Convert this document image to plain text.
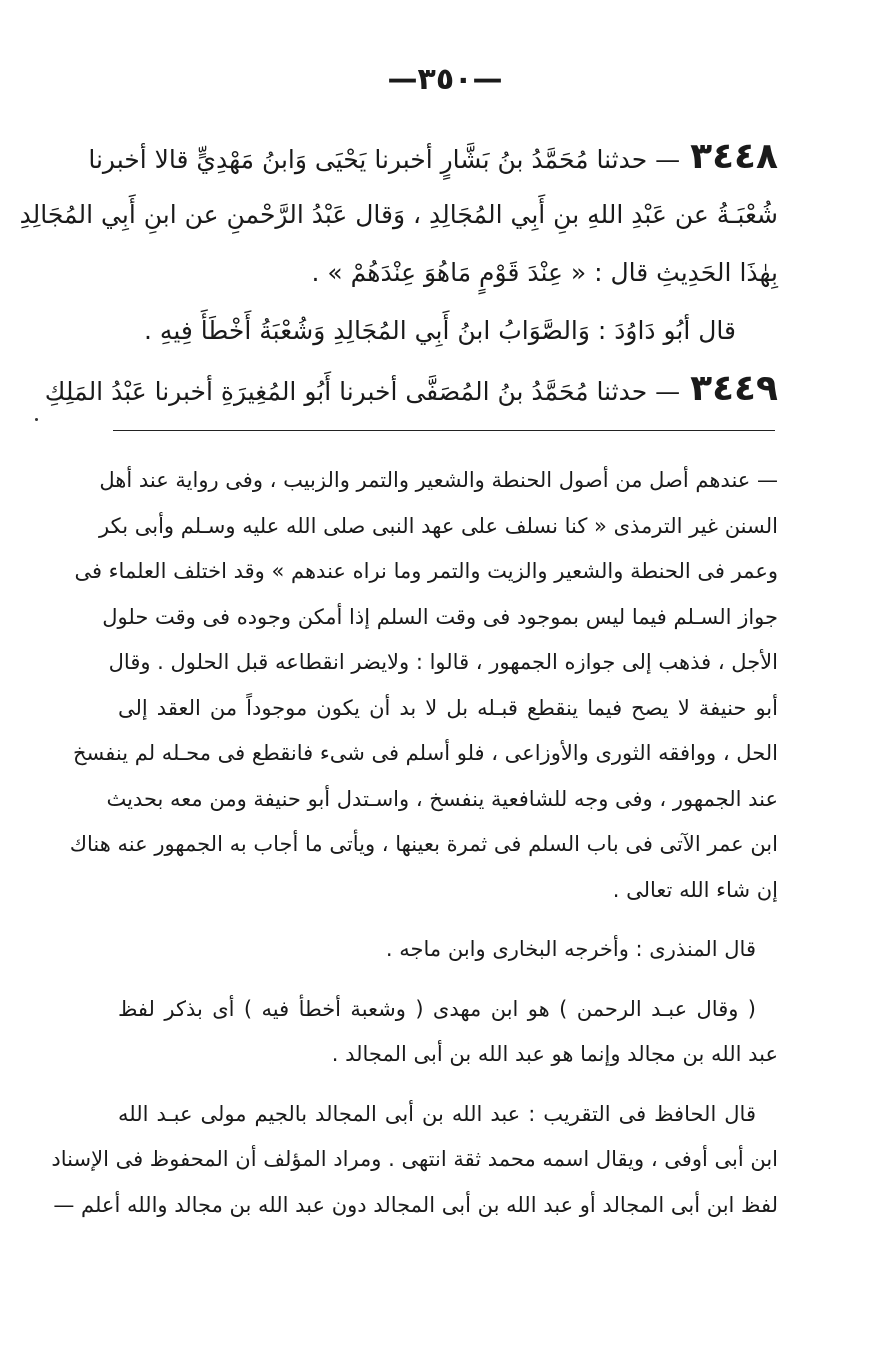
—٣٥٠—
٣٤٤٨— حدثنا مُحَمَّدُ بنُ بَشَّارٍ أخبرنا يَحْيَى وَابنُ مَهْدِيٍّ قالا أخبرنا
شُعْبَـةُ عن عَبْدِ اللهِ بنِ أَبِي المُجَالِدِ ، وَقال عَبْدُ الرَّحْمنِ عن ابنِ أَبِي المُجَالِدِ
بِهٰذَا الحَدِيثِ قال : « عِنْدَ قَوْمٍ مَاهُوَ عِنْدَهُمْ » .
قال أبُو دَاوُدَ : وَالصَّوَابُ ابنُ أَبِي المُجَالِدِ وَشُعْبَةُ أَخْطَأَ فِيهِ .
٣٤٤٩— حدثنا مُحَمَّدُ بنُ المُصَفَّى أخبرنا أَبُو المُغِيرَةِ أخبرنا عَبْدُ المَلِكِ
— عندهم أصل من أصول الحنطة والشعير والتمر والزبيب ، وفى رواية عند أهل
السنن غير الترمذى « كنا نسلف على عهد النبى صلى الله عليه وسـلم وأبى بكر
وعمر فى الحنطة والشعير والزيت والتمر وما نراه عندهم » وقد اختلف العلماء فى
جواز السـلم فيما ليس بموجود فى وقت السلم إذا أمكن وجوده فى وقت حلول
الأجل ، فذهب إلى جوازه الجمهور ، قالوا : ولايضر انقطاعه قبل الحلول . وقال
أبو حنيفة لا يصح فيما ينقطع قبـله بل لا بد أن يكون موجوداً من العقد إلى
الحل ، ووافقه الثورى والأوزاعى ، فلو أسلم فى شىء فانقطع فى محـله لم ينفسخ
عند الجمهور ، وفى وجه للشافعية ينفسخ ، واسـتدل أبو حنيفة ومن معه بحديث
ابن عمر الآتى فى باب السلم فى ثمرة بعينها ، ويأتى ما أجاب به الجمهور عنه هناك
إن شاء الله تعالى .
قال المنذرى : وأخرجه البخارى وابن ماجه .
( وقال عبـد الرحمن ) هو ابن مهدى ( وشعبة أخطأ فيه ) أى بذكر لفظ
عبد الله بن مجالد وإنما هو عبد الله بن أبى المجالد .
قال الحافظ فى التقريب : عبد الله بن أبى المجالد بالجيم مولى عبـد الله
ابن أبى أوفى ، ويقال اسمه محمد ثقة انتهى . ومراد المؤلف أن المحفوظ فى الإسناد
لفظ ابن أبى المجالد أو عبد الله بن أبى المجالد دون عبد الله بن مجالد والله أعلم —
